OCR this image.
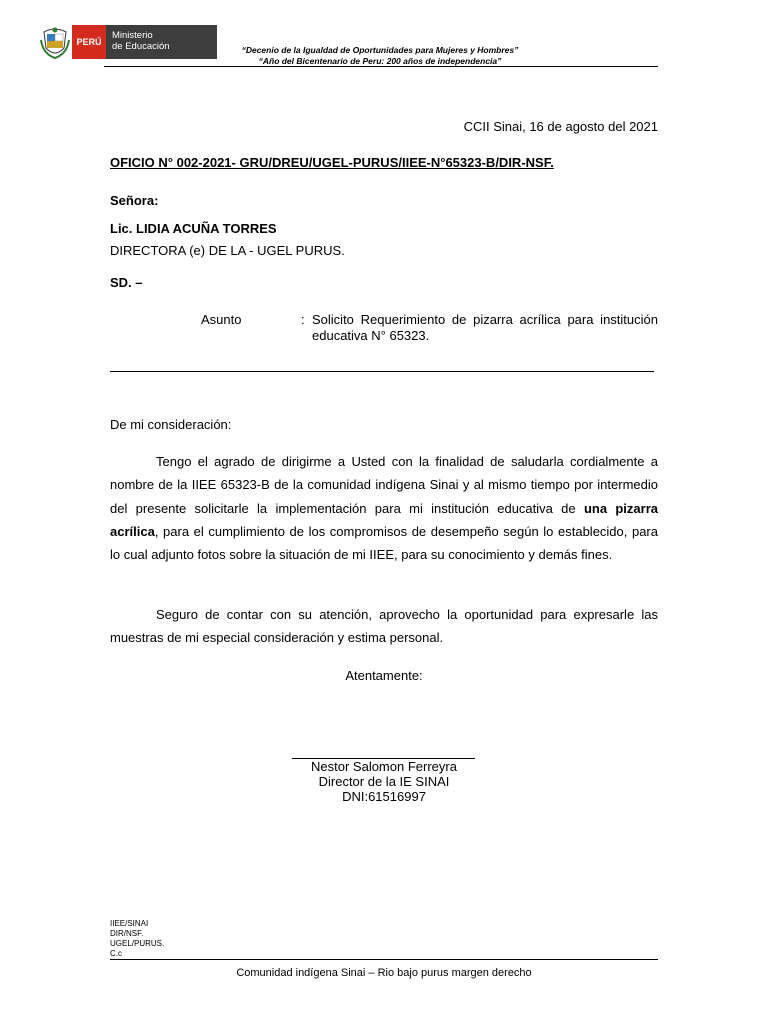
PERÚ
Ministerio
de Educación	“Decenio de la Igualdad de Oportunidades para Mujeres y Hombres”
“Año del Bicentenario de Peru: 200 años de independencia”
CCII Sinai, 16 de agosto del 2021
OFICIO N° 002-2021- GRU/DREU/UGEL-PURUS/IIEE-N°65323-B/DIR-NSF.
Señora:
Lic. LIDIA ACUÑA TORRES
DIRECTORA (e) DE LA - UGEL PURUS.
SD. –
Asunto	: Solicito Requerimiento de pizarra acrílica para institución educativa N° 65323.
De mi consideración:
Tengo el agrado de dirigirme a Usted con la finalidad de saludarla cordialmente a nombre de la IIEE 65323-B de la comunidad indígena Sinai y al mismo tiempo por intermedio del presente solicitarle la implementación para mi institución educativa de una pizarra acrílica, para el cumplimiento de los compromisos de desempeño según lo establecido, para lo cual adjunto fotos sobre la situación de mi IIEE, para su conocimiento y demás fines.
Seguro de contar con su atención, aprovecho la oportunidad para expresarle las muestras de mi especial consideración y estima personal.
Atentamente:
Nestor Salomon Ferreyra
Director de la IE SINAI
DNI:61516997
IIEE/SINAI
DIR/NSF.
UGEL/PURUS.
C.c
Comunidad indígena Sinai – Rio bajo purus margen derecho
